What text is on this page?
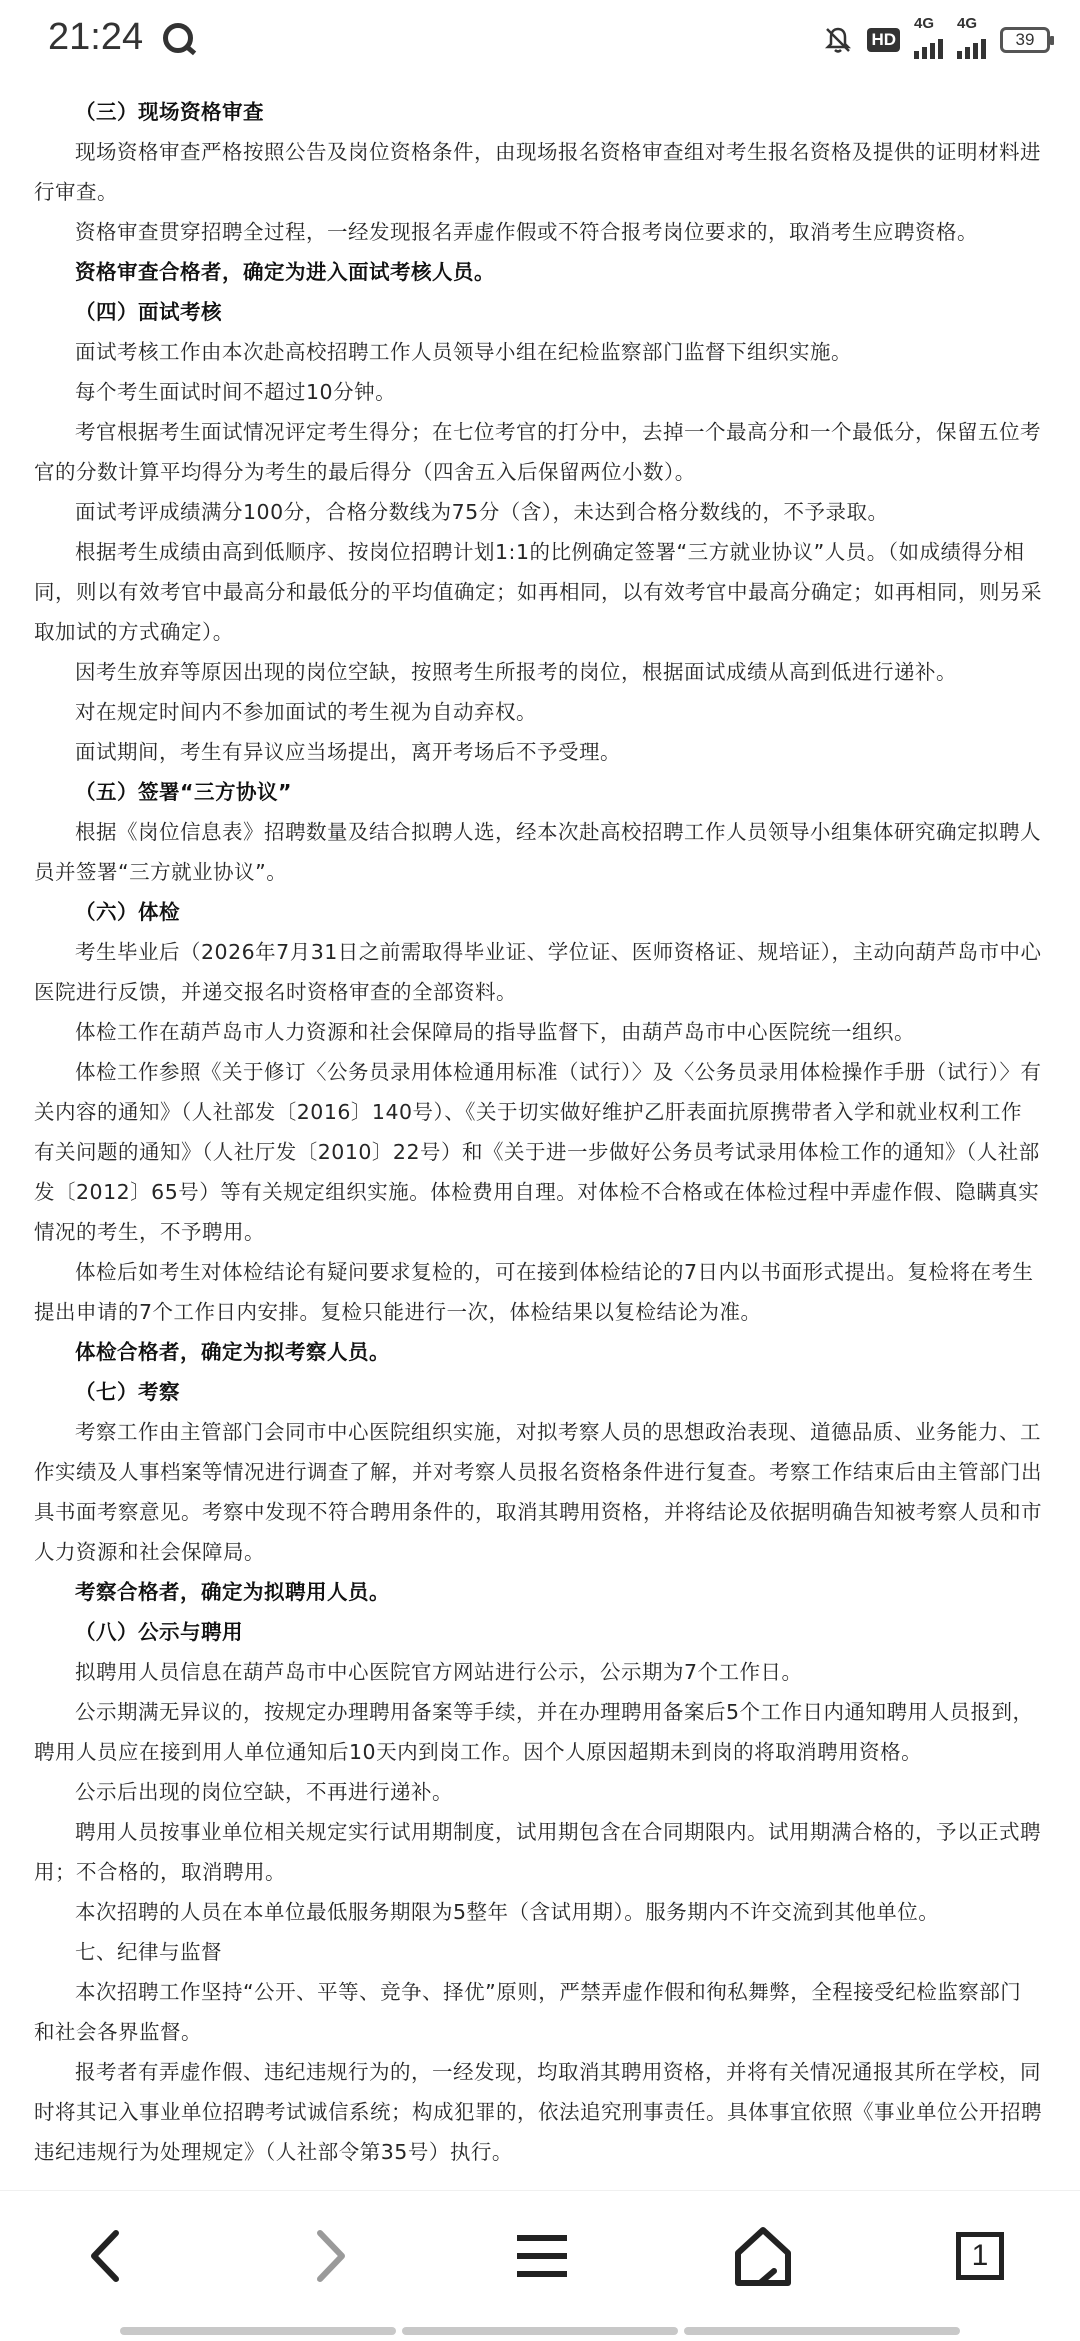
21:24	HD
4G 4G
39

（三）现场资格审查

现场资格审查严格按照公告及岗位资格条件，由现场报名资格审查组对考生报名资格及提供的证明材料进行审查。

资格审查贯穿招聘全过程，一经发现报名弄虚作假或不符合报考岗位要求的，取消考生应聘资格。

资格审查合格者，确定为进入面试考核人员。

（四）面试考核

面试考核工作由本次赴高校招聘工作人员领导小组在纪检监察部门监督下组织实施。

每个考生面试时间不超过10分钟。

考官根据考生面试情况评定考生得分；在七位考官的打分中，去掉一个最高分和一个最低分，保留五位考官的分数计算平均得分为考生的最后得分（四舍五入后保留两位小数）。

面试考评成绩满分100分，合格分数线为75分（含），未达到合格分数线的，不予录取。

根据考生成绩由高到低顺序、按岗位招聘计划1:1的比例确定签署“三方就业协议”人员。（如成绩得分相同，则以有效考官中最高分和最低分的平均值确定；如再相同，以有效考官中最高分确定；如再相同，则另采取加试的方式确定）。

因考生放弃等原因出现的岗位空缺，按照考生所报考的岗位，根据面试成绩从高到低进行递补。

对在规定时间内不参加面试的考生视为自动弃权。

面试期间，考生有异议应当场提出，离开考场后不予受理。

（五）签署“三方协议”

根据《岗位信息表》招聘数量及结合拟聘人选，经本次赴高校招聘工作人员领导小组集体研究确定拟聘人员并签署“三方就业协议”。

（六）体检

考生毕业后（2026年7月31日之前需取得毕业证、学位证、医师资格证、规培证），主动向葫芦岛市中心医院进行反馈，并递交报名时资格审查的全部资料。

体检工作在葫芦岛市人力资源和社会保障局的指导监督下，由葫芦岛市中心医院统一组织。

体检工作参照《关于修订〈公务员录用体检通用标准（试行）〉及〈公务员录用体检操作手册（试行）〉有关内容的通知》（人社部发〔2016〕140号）、《关于切实做好维护乙肝表面抗原携带者入学和就业权利工作有关问题的通知》（人社厅发〔2010〕22号）和《关于进一步做好公务员考试录用体检工作的通知》（人社部发〔2012〕65号）等有关规定组织实施。体检费用自理。对体检不合格或在体检过程中弄虚作假、隐瞒真实情况的考生，不予聘用。

体检后如考生对体检结论有疑问要求复检的，可在接到体检结论的7日内以书面形式提出。复检将在考生提出申请的7个工作日内安排。复检只能进行一次，体检结果以复检结论为准。

体检合格者，确定为拟考察人员。

（七）考察

考察工作由主管部门会同市中心医院组织实施，对拟考察人员的思想政治表现、道德品质、业务能力、工作实绩及人事档案等情况进行调查了解，并对考察人员报名资格条件进行复查。考察工作结束后由主管部门出具书面考察意见。考察中发现不符合聘用条件的，取消其聘用资格，并将结论及依据明确告知被考察人员和市人力资源和社会保障局。

考察合格者，确定为拟聘用人员。

（八）公示与聘用

拟聘用人员信息在葫芦岛市中心医院官方网站进行公示，公示期为7个工作日。

公示期满无异议的，按规定办理聘用备案等手续，并在办理聘用备案后5个工作日内通知聘用人员报到，聘用人员应在接到用人单位通知后10天内到岗工作。因个人原因超期未到岗的将取消聘用资格。

公示后出现的岗位空缺，不再进行递补。

聘用人员按事业单位相关规定实行试用期制度，试用期包含在合同期限内。试用期满合格的，予以正式聘用；不合格的，取消聘用。

本次招聘的人员在本单位最低服务期限为5整年（含试用期）。服务期内不许交流到其他单位。

七、纪律与监督

本次招聘工作坚持“公开、平等、竞争、择优”原则，严禁弄虚作假和徇私舞弊，全程接受纪检监察部门和社会各界监督。

报考者有弄虚作假、违纪违规行为的，一经发现，均取消其聘用资格，并将有关情况通报其所在学校，同时将其记入事业单位招聘考试诚信系统；构成犯罪的，依法追究刑事责任。具体事宜依照《事业单位公开招聘违纪违规行为处理规定》（人社部令第35号）执行。

1
